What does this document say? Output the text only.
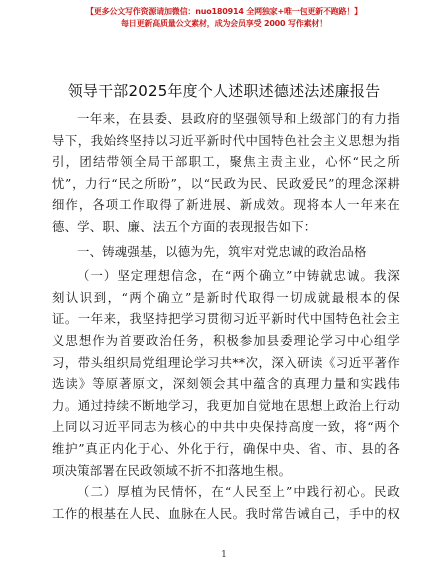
【更多公文写作资源请加微信：nuo180914 全网独家+唯一包更新不跑路！】
每日更新高质量公文素材，成为会员享受 2000 写作素材！
领导干部2025年度个人述职述德述法述廉报告
一年来，在县委、县政府的坚强领导和上级部门的有力指
导下，我始终坚持以习近平新时代中国特色社会主义思想为指
引，团结带领全局干部职工，聚焦主责主业，心怀“民之所
忧”，力行“民之所盼”，以“民政为民、民政爱民”的理念深耕
细作，各项工作取得了新进展、新成效。现将本人一年来在
德、学、职、廉、法五个方面的表现报告如下：
一、铸魂强基，以德为先，筑牢对党忠诚的政治品格
（一）坚定理想信念，在“两个确立”中铸就忠诚。我深
刻认识到，“两个确立”是新时代取得一切成就最根本的保
证。一年来，我坚持把学习贯彻习近平新时代中国特色社会主
义思想作为首要政治任务，积极参加县委理论学习中心组学
习，带头组织局党组理论学习共**次，深入研读《习近平著作
选读》等原著原文，深刻领会其中蕴含的真理力量和实践伟
力。通过持续不断地学习，我更加自觉地在思想上政治上行动
上同以习近平同志为核心的中共中央保持高度一致，将“两个
维护”真正内化于心、外化于行，确保中央、省、市、县的各
项决策部署在民政领域不折不扣落地生根。
（二）厚植为民情怀，在“人民至上”中践行初心。民政
工作的根基在人民、血脉在人民。我时常告诫自己，手中的权
1
